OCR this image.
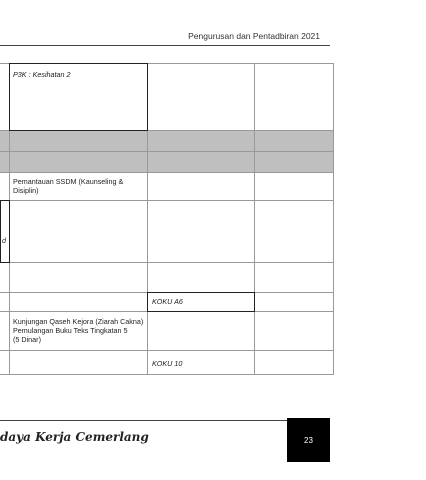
Pengurusan dan Pentadbiran 2021
P3K : Kesihatan 2
Pemantauan SSDM (Kaunseling & Disiplin)
d
KOKU A6
Kunjungan Qaseh Kejora (Ziarah Cakna)
Pemulangan Buku Teks Tingkatan 5
(5 Dinar)
KOKU 10
daya Kerja Cemerlang	23
